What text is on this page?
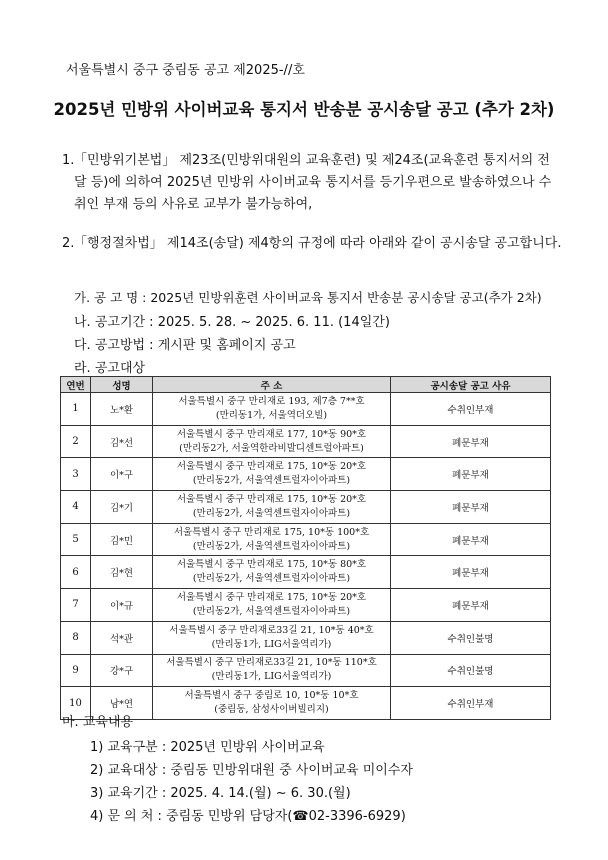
서울특별시 중구 중림동 공고 제2025-//호
2025년 민방위 사이버교육 통지서 반송분 공시송달 공고 (추가 2차)
1. 「민방위기본법」 제23조(민방위대원의 교육훈련) 및 제24조(교육훈련 통지서의 전달 등)에 의하여 2025년 민방위 사이버교육 통지서를 등기우편으로 발송하였으나 수취인 부재 등의 사유로 교부가 불가능하여,
2. 「행정절차법」 제14조(송달) 제4항의 규정에 따라 아래와 같이 공시송달 공고합니다.
가. 공 고 명 : 2025년 민방위훈련 사이버교육 통지서 반송분 공시송달 공고(추가 2차)
나. 공고기간 : 2025. 5. 28. ~ 2025. 6. 11. (14일간)
다. 공고방법 : 게시판 및 홈페이지 공고
라. 공고대상
연번	성명	주 소	공시송달 공고 사유
1	노*환	서울특별시 중구 만리재로 193, 제7층 7**호
(만리동1가, 서울역더오빌)	수취인부재
2	김*선	서울특별시 중구 만리재로 177, 10*동 90*호
(만리동2가, 서울역한라비발디센트럴아파트)	폐문부재
3	이*구	서울특별시 중구 만리재로 175, 10*동 20*호
(만리동2가, 서울역센트럴자이아파트)	폐문부재
4	김*기	서울특별시 중구 만리재로 175, 10*동 20*호
(만리동2가, 서울역센트럴자이아파트)	폐문부재
5	김*민	서울특별시 중구 만리재로 175, 10*동 100*호
(만리동2가, 서울역센트럴자이아파트)	폐문부재
6	김*현	서울특별시 중구 만리재로 175, 10*동 80*호
(만리동2가, 서울역센트럴자이아파트)	폐문부재
7	이*규	서울특별시 중구 만리재로 175, 10*동 20*호
(만리동2가, 서울역센트럴자이아파트)	폐문부재
8	석*관	서울특별시 중구 만리재로33길 21, 10*동 40*호
(만리동1가, LIG서울역리가)	수취인불명
9	강*구	서울특별시 중구 만리재로33길 21, 10*동 110*호
(만리동1가, LIG서울역리가)	수취인불명
10	남*연	서울특별시 중구 중림로 10, 10*동 10*호
(중림동, 삼성사이버빌리지)	수취인부재
마. 교육내용
1) 교육구분 : 2025년 민방위 사이버교육
2) 교육대상 : 중림동 민방위대원 중 사이버교육 미이수자
3) 교육기간 : 2025. 4. 14.(월) ~ 6. 30.(월)
4) 문 의 처 : 중림동 민방위 담당자(☎02-3396-6929)
